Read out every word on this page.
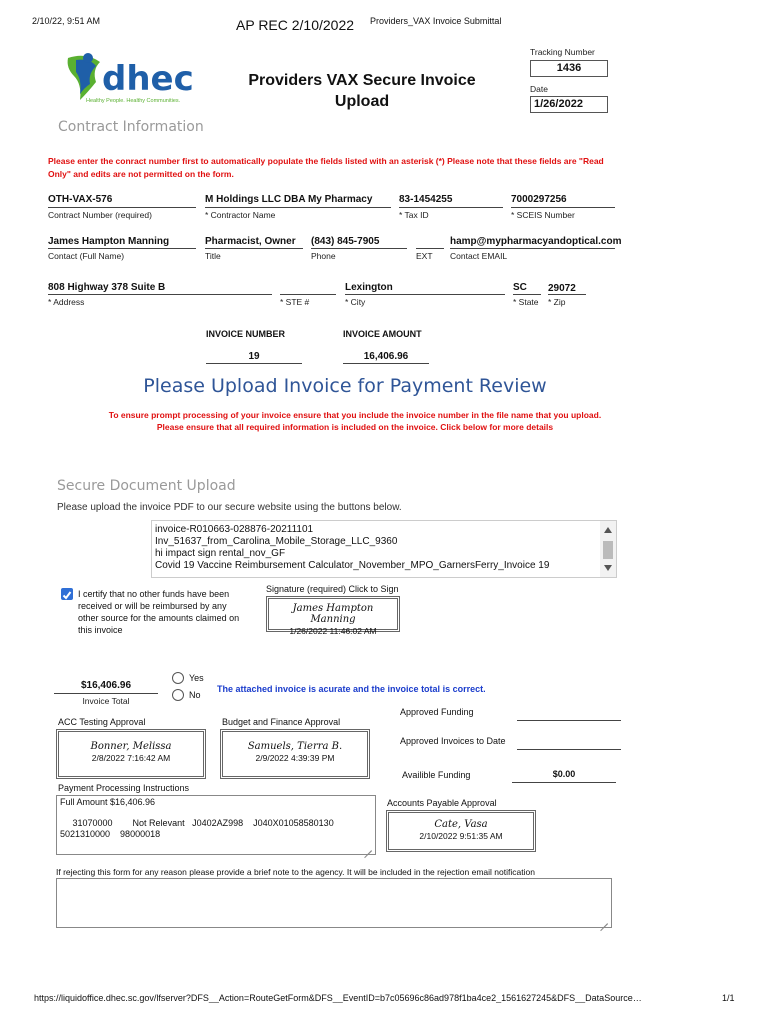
2/10/22, 9:51 AM	AP REC 2/10/2022 Providers_VAX Invoice Submittal
dhec
Healthy People. Healthy Communities.
Providers VAX Secure Invoice
Upload
Tracking Number
1436
Date
1/26/2022
Contract Information
Please enter the conract number first to automatically populate the fields listed with an asterisk (*) Please note that these fields are "Read Only" and edits are not permitted on the form.
OTH-VAX-576
Contract Number (required)
M Holdings LLC DBA My Pharmacy
* Contractor Name
83-1454255
* Tax ID
7000297256
* SCEIS Number
James Hampton Manning
Contact (Full Name)
Pharmacist, Owner
Title
(843) 845-7905
Phone	EXT
hamp@mypharmacyandoptical.com
Contact EMAIL
808 Highway 378 Suite B
* Address	* STE #
Lexington
* City
SC
* State
29072
* Zip
INVOICE NUMBER
19
INVOICE AMOUNT
16,406.96
Please Upload Invoice for Payment Review
To ensure prompt processing of your invoice ensure that you include the invoice number in the file name that you upload.
Please ensure that all required information is included on the invoice. Click below for more details
Secure Document Upload
Please upload the invoice PDF to our secure website using the buttons below.
invoice-R010663-028876-20211101
Inv_51637_from_Carolina_Mobile_Storage_LLC_9360
hi impact sign rental_nov_GF
Covid 19 Vaccine Reimbursement Calculator_November_MPO_GarnersFerry_Invoice 19
I certify that no other funds have been
received or will be reimbursed by any
other source for the amounts claimed on
this invoice
Signature (required) Click to Sign
James Hampton Manning
1/26/2022 11:46:02 AM
$16,406.96
Invoice Total
Yes
No
The attached invoice is acurate and the invoice total is correct.
ACC Testing Approval
Bonner, Melissa
2/8/2022 7:16:42 AM
Budget and Finance Approval
Samuels, Tierra B.
2/9/2022 4:39:39 PM
Approved Funding
Approved Invoices to Date
Availible Funding	$0.00
Payment Processing Instructions
Full Amount $16,406.96
31070000        Not Relevant   J0402AZ998    J040X01058580130
5021310000    98000018
Accounts Payable Approval
Cate, Vasa
2/10/2022 9:51:35 AM
If rejecting this form for any reason please provide a brief note to the agency. It will be included in the rejection email notification
https://liquidoffice.dhec.sc.gov/lfserver?DFS__Action=RouteGetForm&DFS__EventID=b7c05696c86ad978f1ba4ce2_1561627245&DFS__DataSource…	1/1
